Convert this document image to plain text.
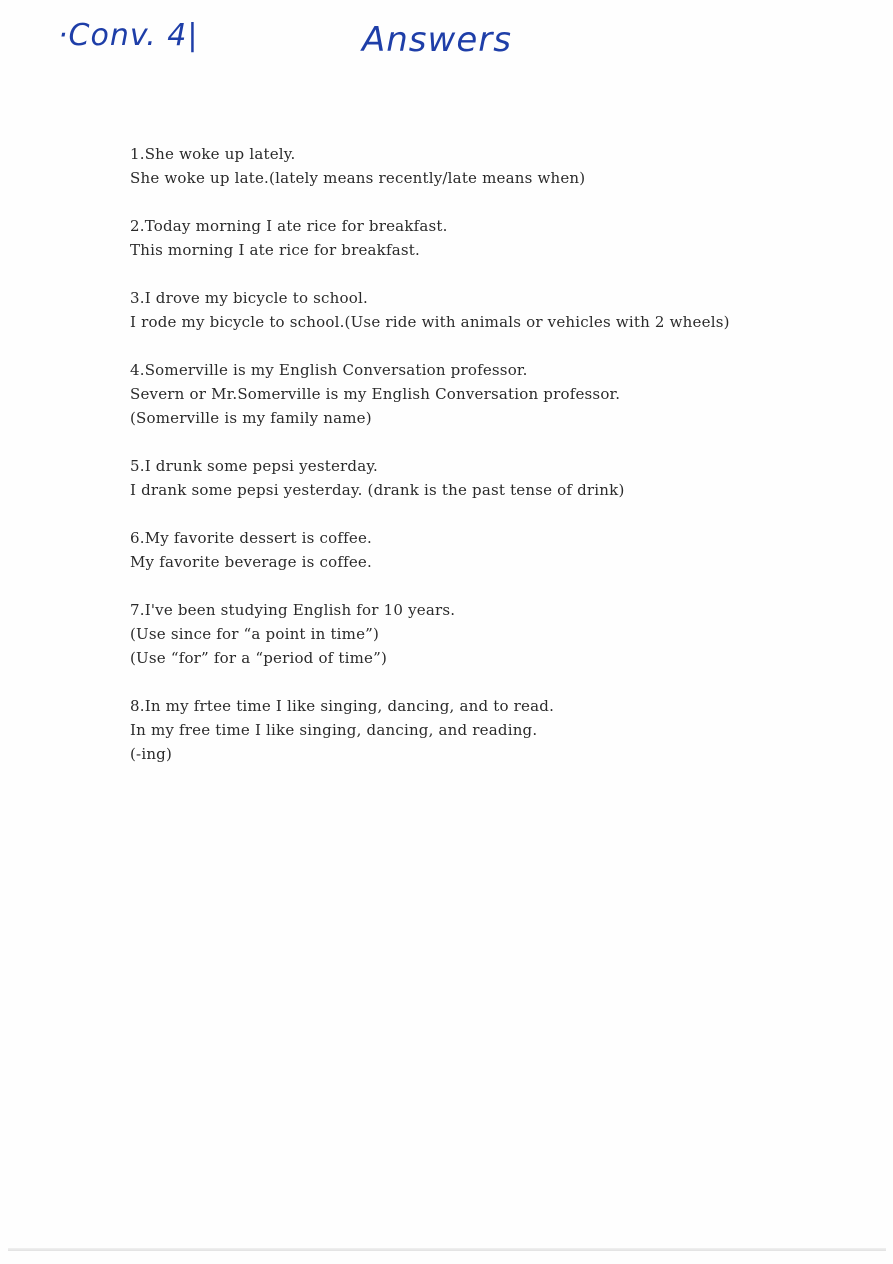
·Conv. 4|	Answers
1.She woke up lately.
She woke up late.(lately means recently/late means when)
2.Today morning I ate rice for breakfast.
This morning I ate rice for breakfast.
3.I drove my bicycle to school.
I rode my bicycle to school.(Use ride with animals or vehicles with 2 wheels)
4.Somerville is my English Conversation professor.
Severn or Mr.Somerville is my English Conversation professor.
(Somerville is my family name)
5.I drunk some pepsi yesterday.
I drank some pepsi yesterday. (drank is the past tense of drink)
6.My favorite dessert is coffee.
My favorite beverage is coffee.
7.I've been studying English for 10 years.
(Use since for “a point in time”)
(Use “for” for a “period of time”)
8.In my frtee time I like singing, dancing, and to read.
In my free time I like singing, dancing, and reading.
(-ing)
